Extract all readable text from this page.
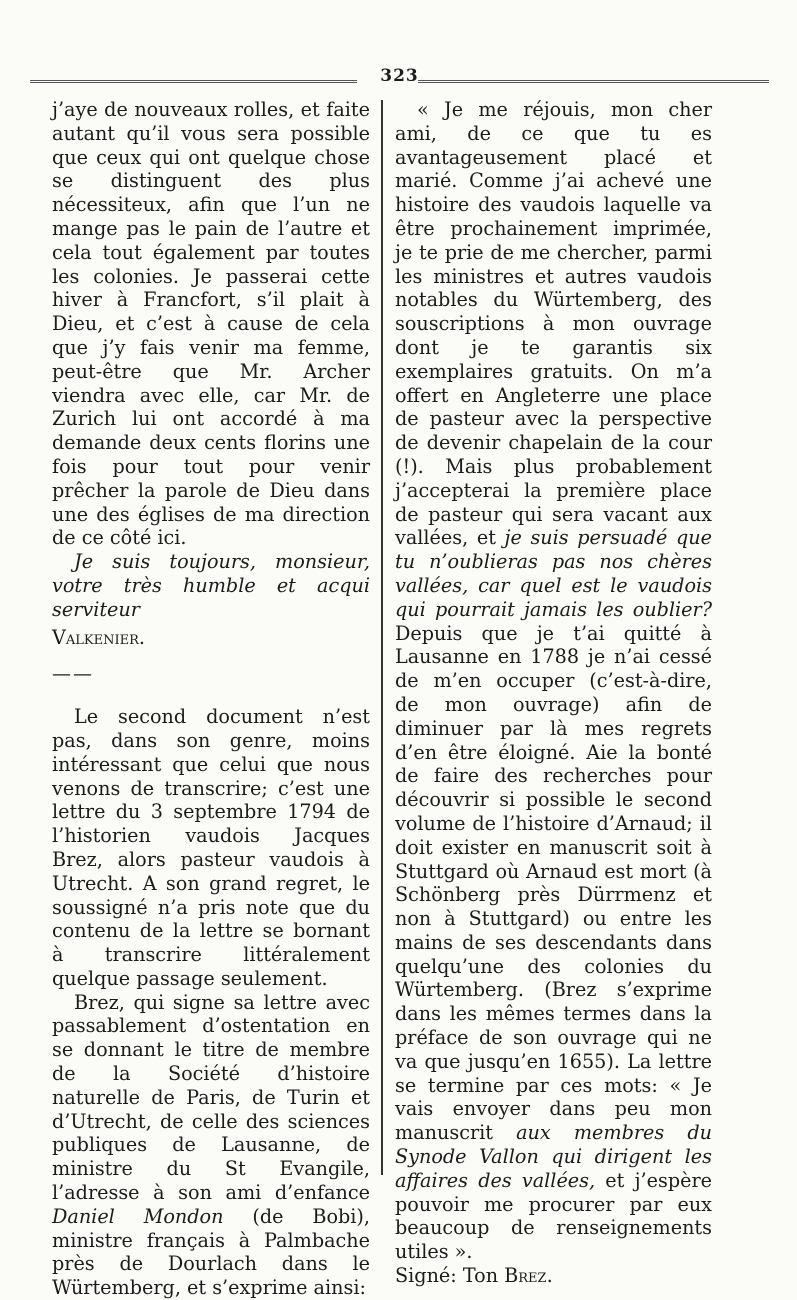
323

j’aye de nouveaux rolles, et faite autant qu’il vous sera possible que ceux qui ont quelque chose se distinguent des plus nécessiteux, afin que l’un ne mange pas le pain de l’autre et cela tout également par toutes les colonies. Je passerai cette hiver à Francfort, s’il plait à Dieu, et c’est à cause de cela que j’y fais venir ma femme, peut-être que Mr. Archer viendra avec elle, car Mr. de Zurich lui ont accordé à ma demande deux cents florins une fois pour tout pour venir prêcher la parole de Dieu dans une des églises de ma direction de ce côté ici.

Je suis toujours, monsieur, votre très humble et acqui serviteur

Valkenier.

——

Le second document n’est pas, dans son genre, moins intéressant que celui que nous venons de transcrire; c’est une lettre du 3 septembre 1794 de l’historien vaudois Jacques Brez, alors pasteur vaudois à Utrecht. A son grand regret, le soussigné n’a pris note que du contenu de la lettre se bornant à transcrire littéralement quelque passage seulement.

Brez, qui signe sa lettre avec passablement d’ostentation en se donnant le titre de membre de la Société d’histoire naturelle de Paris, de Turin et d’Utrecht, de celle des sciences publiques de Lausanne, de ministre du St Evangile, l’adresse à son ami d’enfance Daniel Mondon (de Bobi), ministre français à Palmbache près de Dourlach dans le Würtemberg, et s’exprime ainsi:

« Je me réjouis, mon cher ami, de ce que tu es avantageusement placé et marié. Comme j’ai achevé une histoire des vaudois laquelle va être prochainement imprimée, je te prie de me chercher, parmi les ministres et autres vaudois notables du Würtemberg, des souscriptions à mon ouvrage dont je te garantis six exemplaires gratuits. On m’a offert en Angleterre une place de pasteur avec la perspective de devenir chapelain de la cour (!). Mais plus probablement j’accepterai la première place de pasteur qui sera vacant aux vallées, et je suis persuadé que tu n’oublieras pas nos chères vallées, car quel est le vaudois qui pourrait jamais les oublier? Depuis que je t’ai quitté à Lausanne en 1788 je n’ai cessé de m’en occuper (c’est-à-dire, de mon ouvrage) afin de diminuer par là mes regrets d’en être éloigné. Aie la bonté de faire des recherches pour découvrir si possible le second volume de l’histoire d’Arnaud; il doit exister en manuscrit soit à Stuttgard où Arnaud est mort (à Schönberg près Dürrmenz et non à Stuttgard) ou entre les mains de ses descendants dans quelqu’une des colonies du Würtemberg. (Brez s’exprime dans les mêmes termes dans la préface de son ouvrage qui ne va que jusqu’en 1655). La lettre se termine par ces mots: « Je vais envoyer dans peu mon manuscrit aux membres du Synode Vallon qui dirigent les affaires des vallées, et j’espère pouvoir me procurer par eux beaucoup de renseignements utiles ».

Signé: Ton Brez.
